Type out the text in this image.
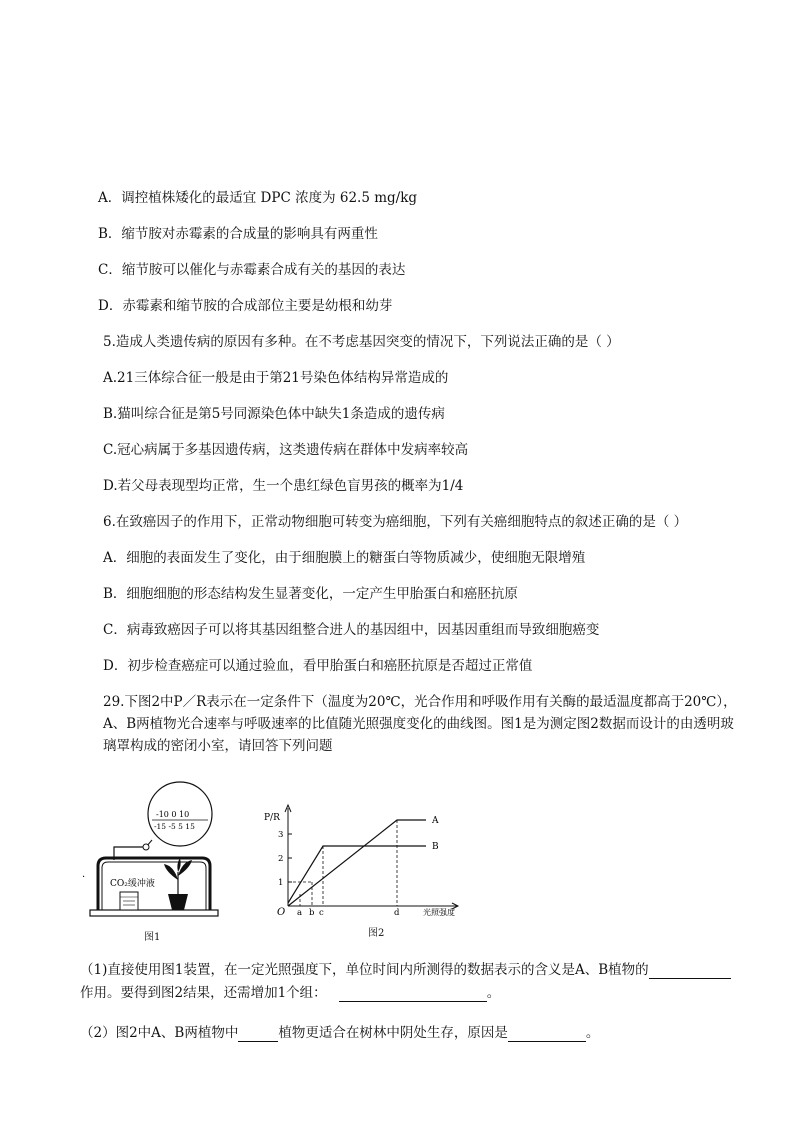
A．调控植株矮化的最适宜 DPC 浓度为 62.5 mg/kg
B．缩节胺对赤霉素的合成量的影响具有两重性
C．缩节胺可以催化与赤霉素合成有关的基因的表达
D．赤霉素和缩节胺的合成部位主要是幼根和幼芽
5.造成人类遗传病的原因有多种。在不考虑基因突变的情况下，下列说法正确的是（ ）
A.21三体综合征一般是由于第21号染色体结构异常造成的
B.猫叫综合征是第5号同源染色体中缺失1条造成的遗传病
C.冠心病属于多基因遗传病，这类遗传病在群体中发病率较高
D.若父母表现型均正常，生一个患红绿色盲男孩的概率为1/4
6.在致癌因子的作用下，正常动物细胞可转变为癌细胞，下列有关癌细胞特点的叙述正确的是（ ）
A．细胞的表面发生了变化，由于细胞膜上的糖蛋白等物质减少，使细胞无限增殖
B．细胞细胞的形态结构发生显著变化，一定产生甲胎蛋白和癌胚抗原
C．病毒致癌因子可以将其基因组整合进人的基因组中，因基因重组而导致细胞癌变
D．初步检查癌症可以通过验血，看甲胎蛋白和癌胚抗原是否超过正常值
29.下图2中P／R表示在一定条件下（温度为20℃，光合作用和呼吸作用有关酶的最适温度都高于20℃），
A、B两植物光合速率与呼吸速率的比值随光照强度变化的曲线图。图1是为测定图2数据而设计的由透明玻
璃罩构成的密闭小室，请回答下列问题
·
-10 0 10
-15 -5 5 15
CO₂缓冲液
图1
P/R
O	光照强度
1
2
3
a b c	d
A
B
图2
（1)直接使用图1装置，在一定光照强度下，单位时间内所测得的数据表示的含义是A、B植物的
作用。要得到图2结果，还需增加1个组：	。
（2）图2中A、B两植物中	植物更适合在树林中阴处生存，原因是	。
